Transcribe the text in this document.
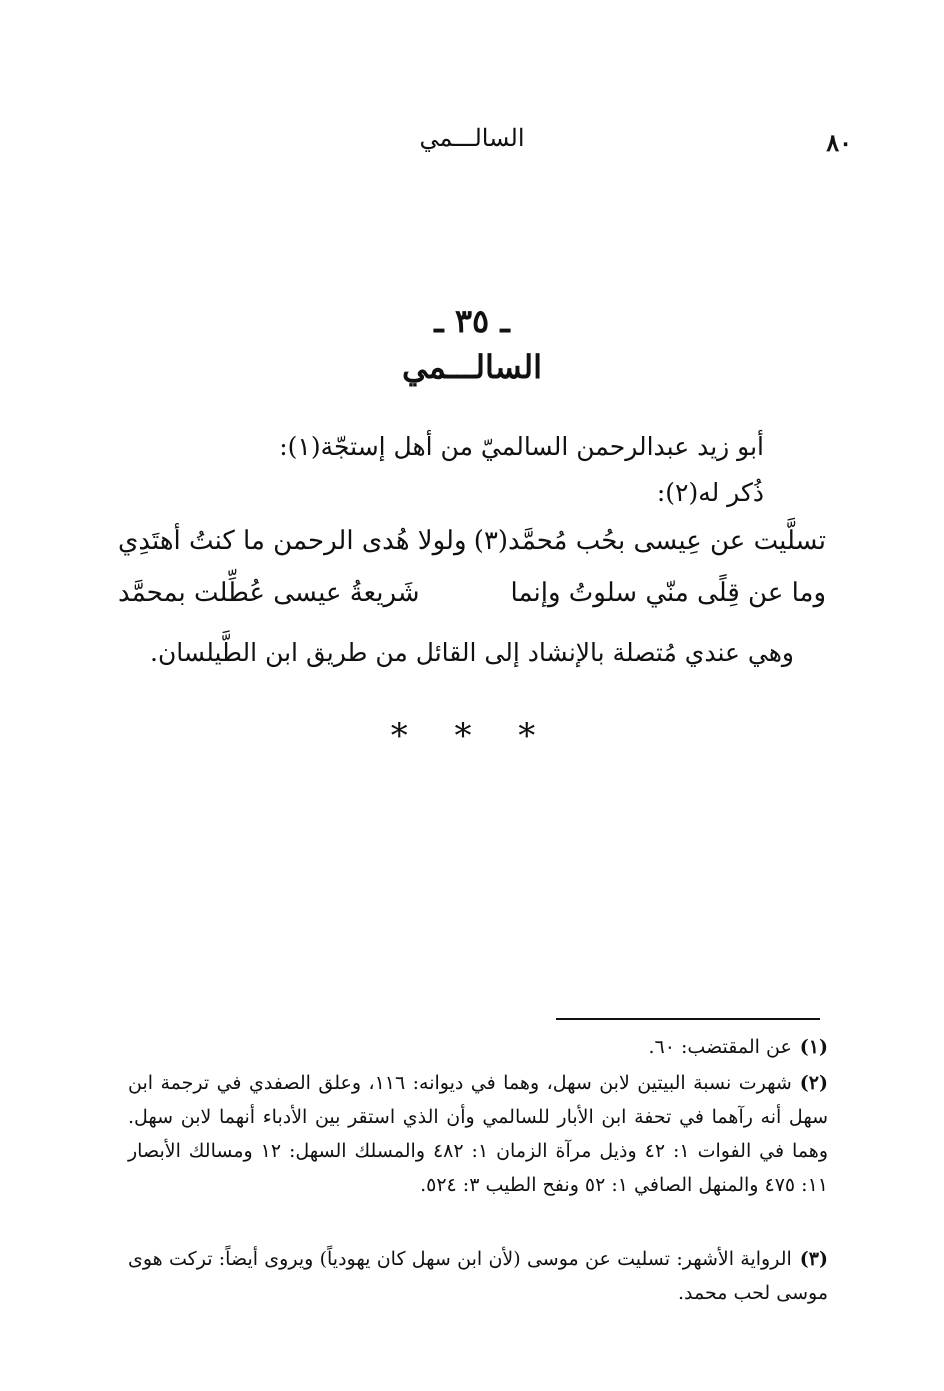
٨٠
السالـــمي
ـ ٣٥ ـ
السالـــمي
أبو زيد عبدالرحمن السالميّ من أهل إستجّة(١):
ذُكر له(٢):
تسلَّيت عن عِيسى بحُب مُحمَّد(٣)
ولولا هُدى الرحمن ما كنتُ أهتَدِي
وما عن قِلًى منّي سلوتُ وإنما
شَريعةُ عيسى عُطِّلت بمحمَّد
وهي عندي مُتصلة بالإنشاد إلى القائل من طريق ابن الطَّيلسان.
* * *
(١)عن المقتضب: ٦٠.
(٢)شهرت نسبة البيتين لابن سهل، وهما في ديوانه: ١١٦، وعلق الصفدي في ترجمة ابن سهل أنه رآهما في تحفة ابن الأبار للسالمي وأن الذي استقر بين الأدباء أنهما لابن سهل. وهما في الفوات ١: ٤٢ وذيل مرآة الزمان ١: ٤٨٢ والمسلك السهل: ١٢ ومسالك الأبصار ١١: ٤٧٥ والمنهل الصافي ١: ٥٢ ونفح الطيب ٣: ٥٢٤.
(٣)الرواية الأشهر: تسليت عن موسى (لأن ابن سهل كان يهودياً) ويروى أيضاً: تركت هوى موسى لحب محمد.
